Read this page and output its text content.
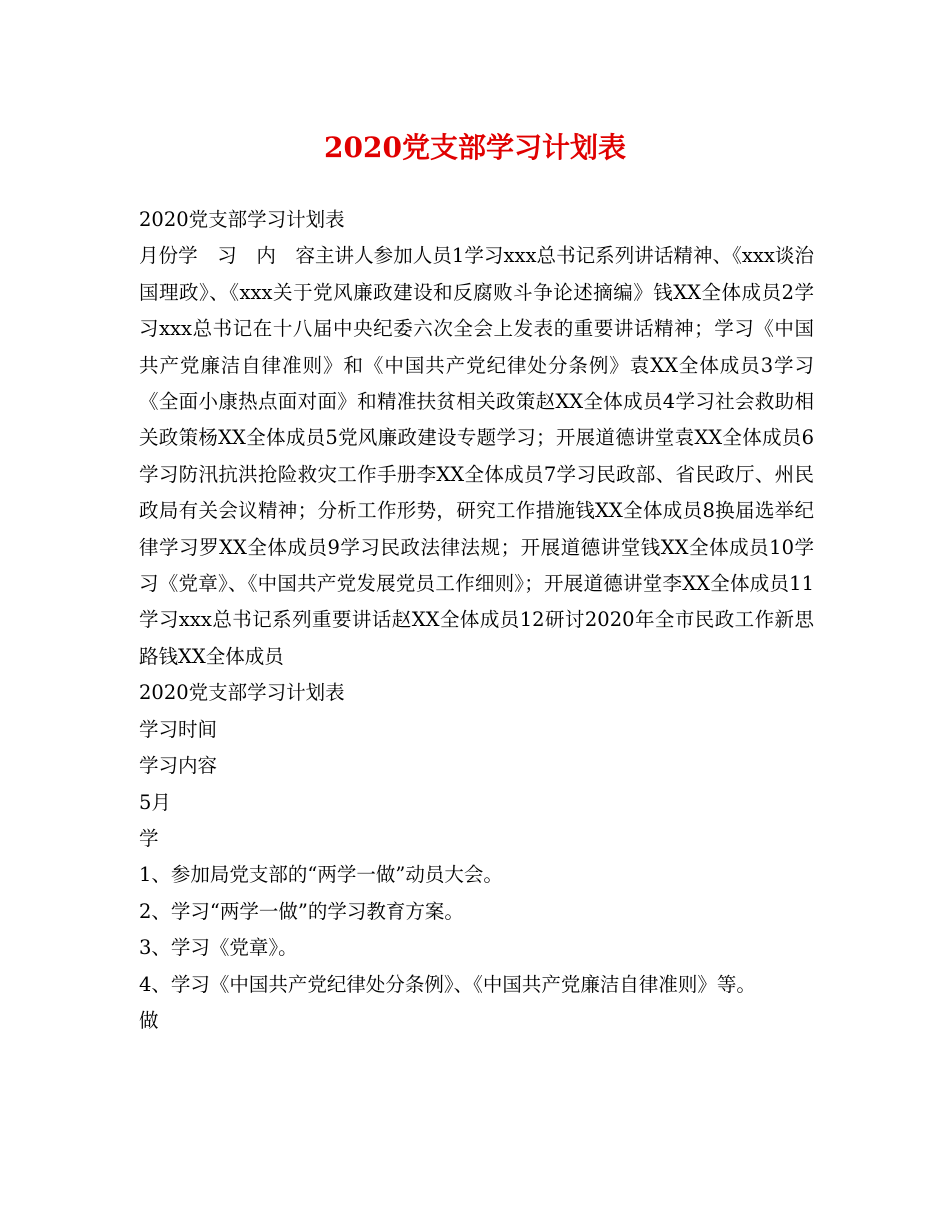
2020党支部学习计划表

2020党支部学习计划表

月份学　习　内　容主讲人参加人员1学习xxx总书记系列讲话精神、《xxx谈治国理政》、《xxx关于党风廉政建设和反腐败斗争论述摘编》钱XX全体成员2学习xxx总书记在十八届中央纪委六次全会上发表的重要讲话精神；学习《中国共产党廉洁自律准则》和《中国共产党纪律处分条例》袁XX全体成员3学习《全面小康热点面对面》和精准扶贫相关政策赵XX全体成员4学习社会救助相关政策杨XX全体成员5党风廉政建设专题学习；开展道德讲堂袁XX全体成员6学习防汛抗洪抢险救灾工作手册李XX全体成员7学习民政部、省民政厅、州民政局有关会议精神；分析工作形势，研究工作措施钱XX全体成员8换届选举纪律学习罗XX全体成员9学习民政法律法规；开展道德讲堂钱XX全体成员10学习《党章》、《中国共产党发展党员工作细则》；开展道德讲堂李XX全体成员11学习xxx总书记系列重要讲话赵XX全体成员12研讨2020年全市民政工作新思路钱XX全体成员

2020党支部学习计划表

学习时间

学习内容

5月

学

1、参加局党支部的“两学一做”动员大会。

2、学习“两学一做”的学习教育方案。

3、学习《党章》。

4、学习《中国共产党纪律处分条例》、《中国共产党廉洁自律准则》等。

做
